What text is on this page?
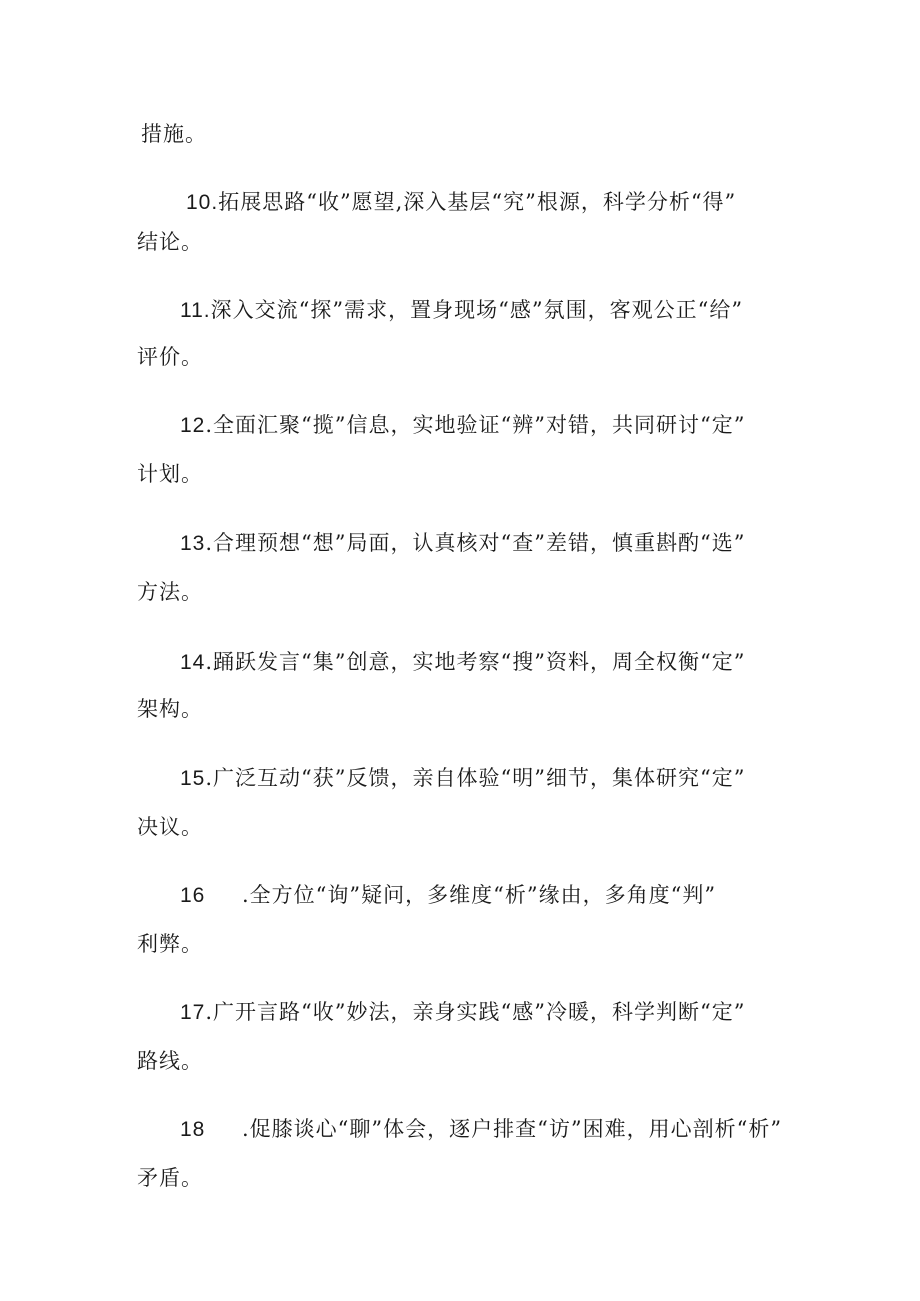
措施。
10.拓展思路“收”愿望,深入基层“究”根源，科学分析“得”
结论。
11.深入交流“探”需求，置身现场“感”氛围，客观公正“给”
评价。
12.全面汇聚“揽”信息，实地验证“辨”对错，共同研讨“定”
计划。
13.合理预想“想”局面，认真核对“查”差错，慎重斟酌“选”
方法。
14.踊跃发言“集”创意，实地考察“搜”资料，周全权衡“定”
架构。
15.广泛互动“获”反馈，亲自体验“明”细节，集体研究“定”
决议。
16 .全方位“询”疑问，多维度“析”缘由，多角度“判”
利弊。
17.广开言路“收”妙法，亲身实践“感”冷暖，科学判断“定”
路线。
18 .促膝谈心“聊”体会，逐户排查“访”困难，用心剖析“析”
矛盾。
